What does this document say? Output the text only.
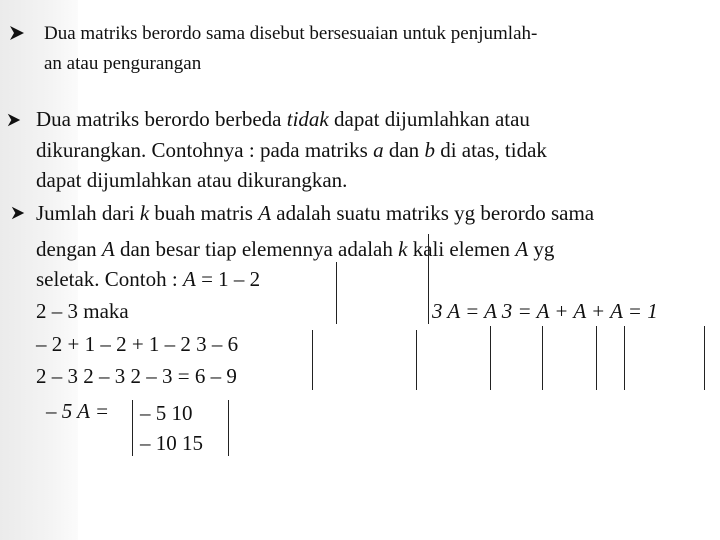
Dua matriks berordo sama disebut bersesuaian untuk penjumlah-
an atau pengurangan
Dua matriks berordo berbeda tidak dapat dijumlahkan atau
dikurangkan. Contohnya : pada matriks a dan b di atas, tidak
dapat dijumlahkan atau dikurangkan.
Jumlah dari k buah matris A adalah suatu matriks yg berordo sama
dengan A dan besar tiap elemennya adalah k kali elemen A yg
seletak. Contoh : A = 1 – 2
2 – 3 maka	3 A = A 3 = A + A + A = 1
– 2 + 1 – 2 + 1 – 2 3 – 6
2 – 3 2 – 3 2 – 3 = 6 – 9
– 5 A = – 5 10
– 10 15
